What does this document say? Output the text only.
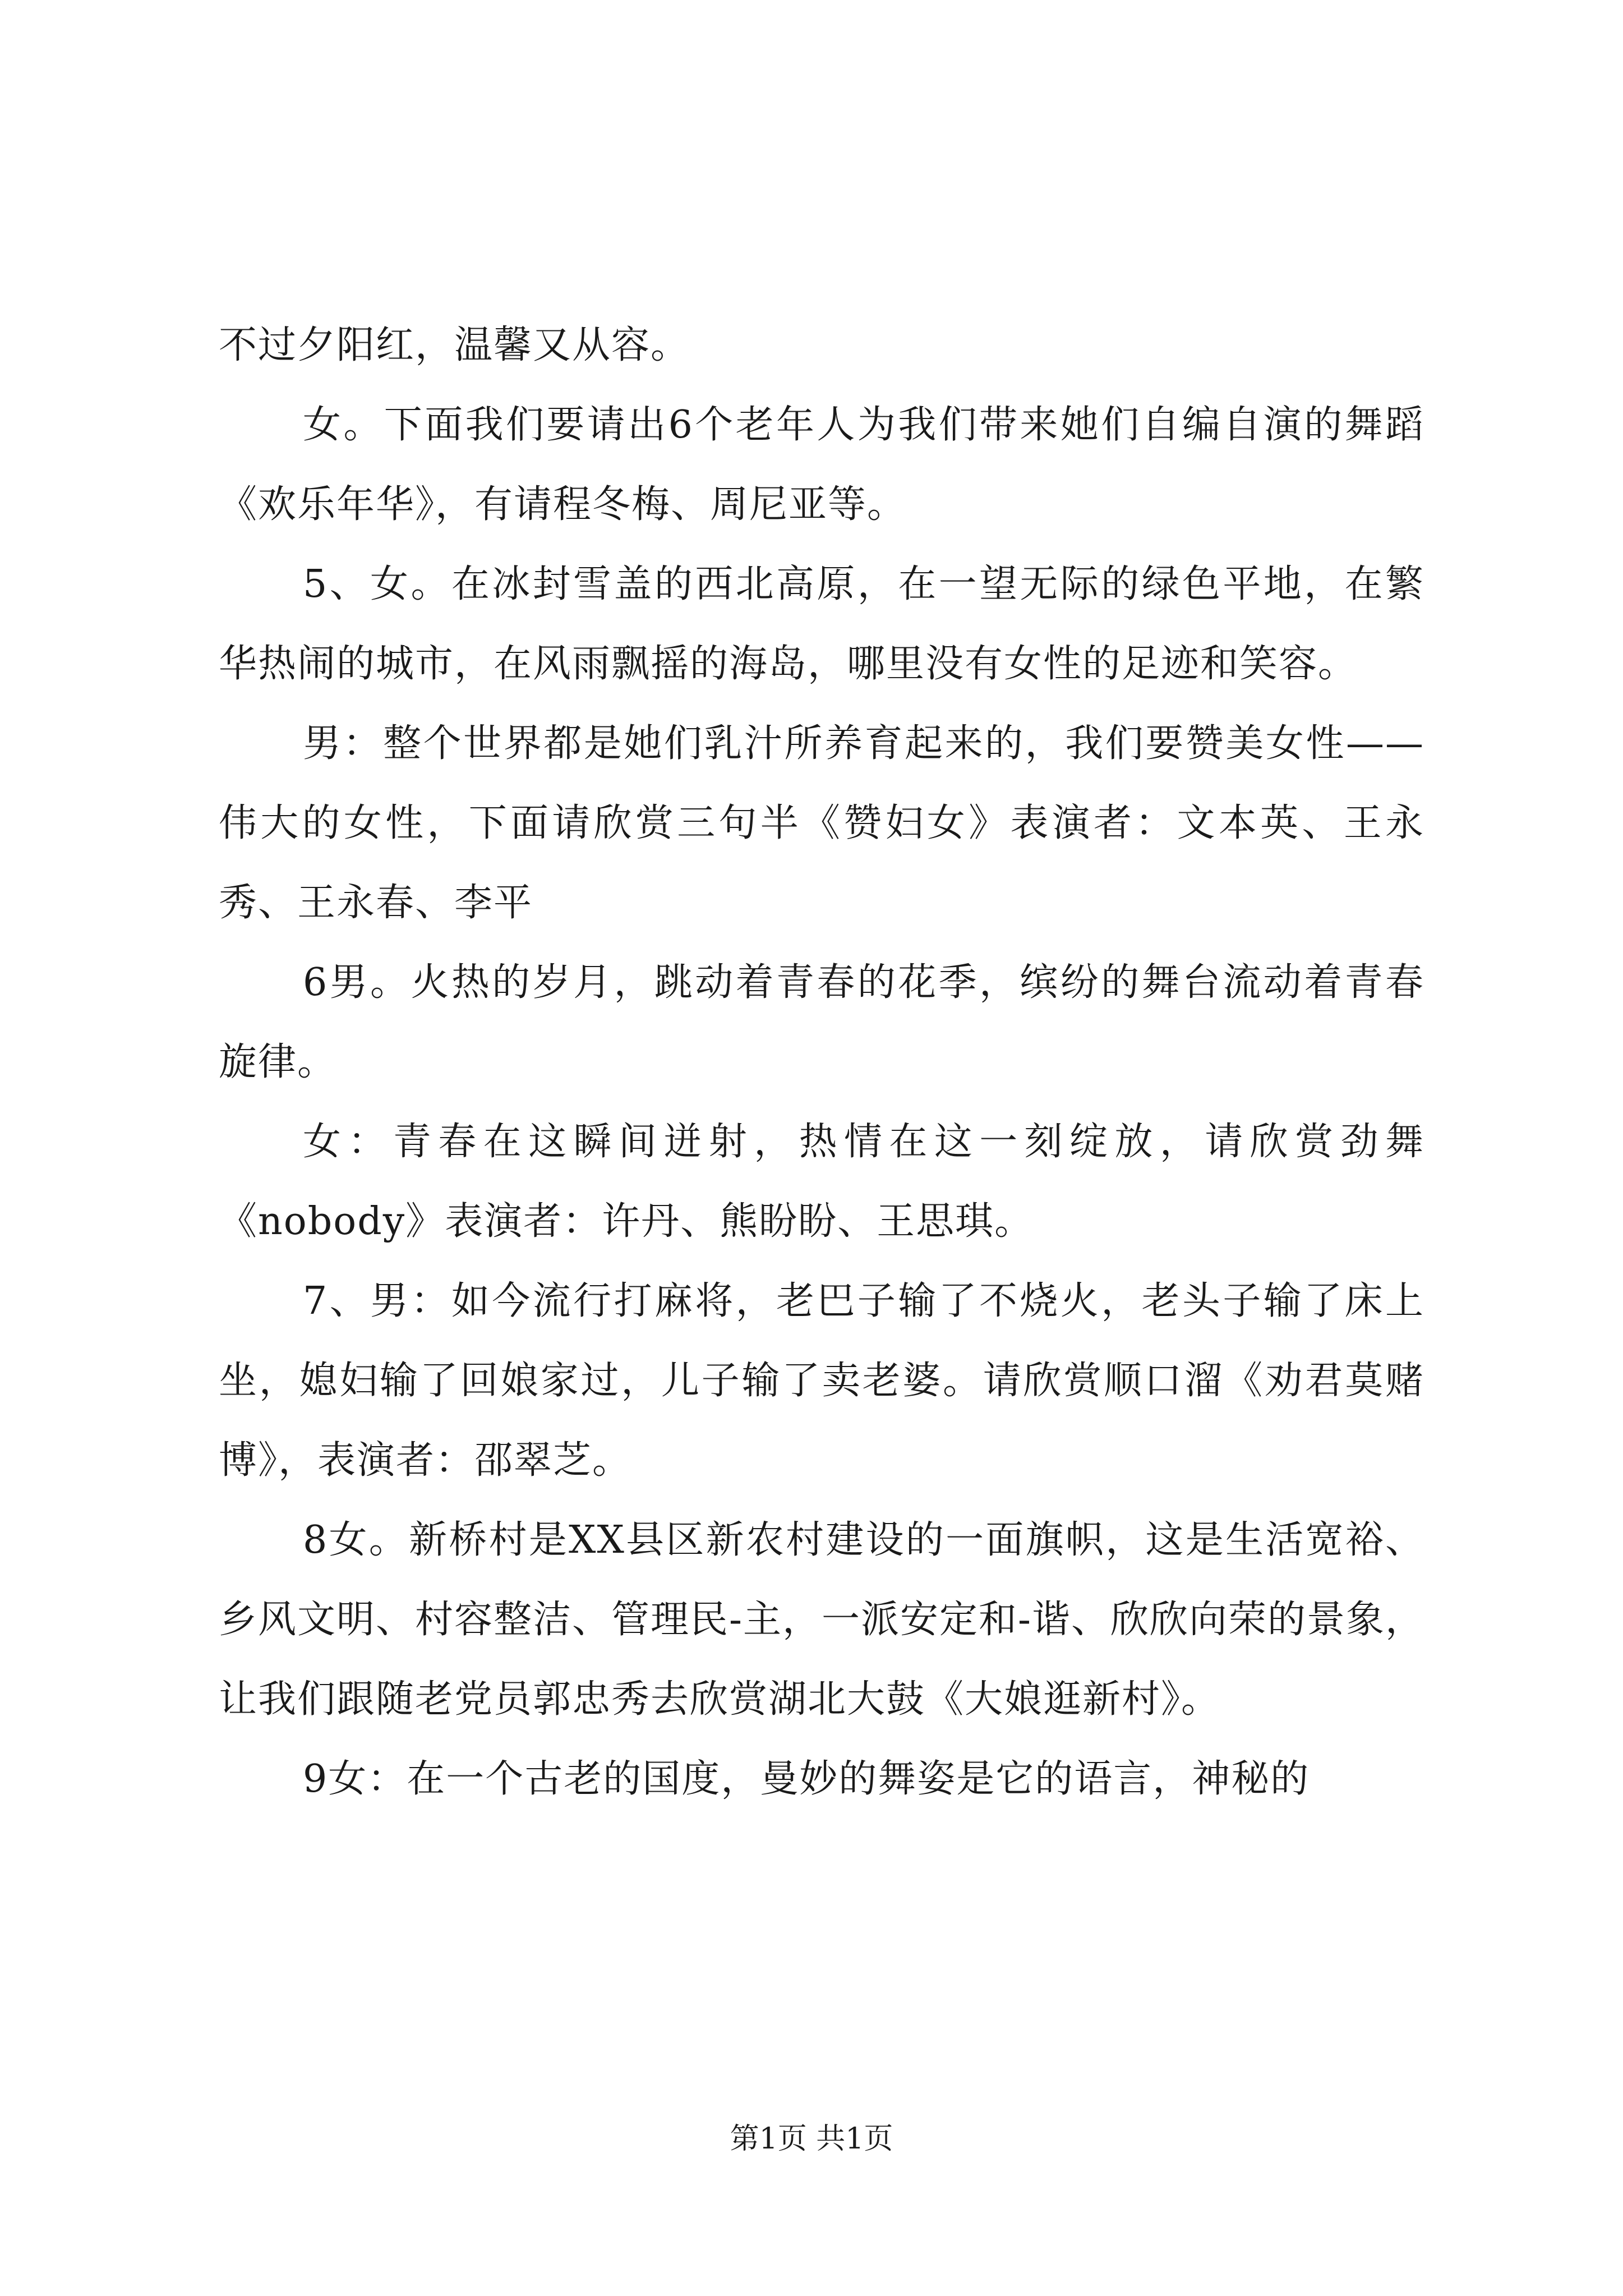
不过夕阳红，温馨又从容。

女。下面我们要请出6个老年人为我们带来她们自编自演的舞蹈《欢乐年华》，有请程冬梅、周尼亚等。

5、女。在冰封雪盖的西北高原，在一望无际的绿色平地，在繁华热闹的城市，在风雨飘摇的海岛，哪里没有女性的足迹和笑容。

男：整个世界都是她们乳汁所养育起来的，我们要赞美女性——伟大的女性，下面请欣赏三句半《赞妇女》表演者：文本英、王永秀、王永春、李平

6男。火热的岁月，跳动着青春的花季，缤纷的舞台流动着青春旋律。

女：青春在这瞬间迸射，热情在这一刻绽放，请欣赏劲舞《nobody》表演者：许丹、熊盼盼、王思琪。

7、男：如今流行打麻将，老巴子输了不烧火，老头子输了床上坐，媳妇输了回娘家过，儿子输了卖老婆。请欣赏顺口溜《劝君莫赌博》，表演者：邵翠芝。

8女。新桥村是XX县区新农村建设的一面旗帜，这是生活宽裕、乡风文明、村容整洁、管理民-主，一派安定和-谐、欣欣向荣的景象，让我们跟随老党员郭忠秀去欣赏湖北大鼓《大娘逛新村》。

9女：在一个古老的国度，曼妙的舞姿是它的语言，神秘的

第1页 共1页
